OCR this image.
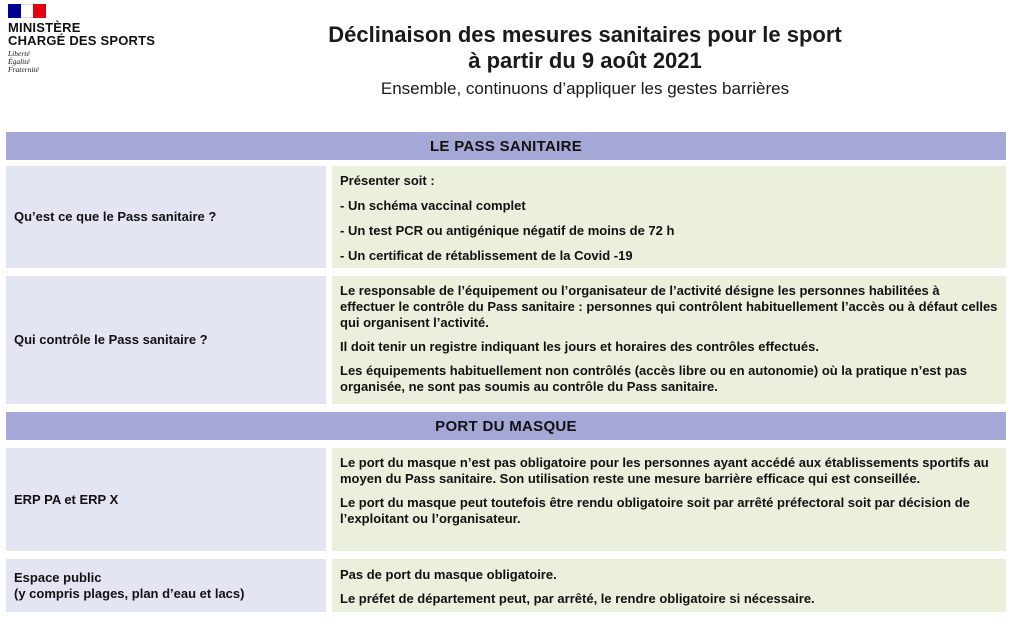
MINISTÈRE
CHARGÉ DES SPORTS
Liberté
Égalité
Fraternité
Déclinaison des mesures sanitaires pour le sport
à partir du 9 août 2021
Ensemble, continuons d’appliquer les gestes barrières
LE PASS SANITAIRE
Qu’est ce que le Pass sanitaire ?

Présenter soit :

- Un schéma vaccinal complet

- Un test PCR ou antigénique négatif de moins de 72 h

- Un certificat de rétablissement de la Covid -19

Qui contrôle le Pass sanitaire ?

Le responsable de l’équipement ou l’organisateur de l’activité désigne les personnes habilitées à effectuer le contrôle du Pass sanitaire : personnes qui contrôlent habituellement l’accès ou à défaut celles qui organisent l’activité.

Il doit tenir un registre indiquant les jours et horaires des contrôles effectués.

Les équipements habituellement non contrôlés (accès libre ou en autonomie) où la pratique n’est pas organisée, ne sont pas soumis au contrôle du Pass sanitaire.

PORT DU MASQUE
ERP PA et ERP X

Le port du masque n’est pas obligatoire pour les personnes ayant accédé aux établissements sportifs au moyen du Pass sanitaire. Son utilisation reste une mesure barrière efficace qui est conseillée.

Le port du masque peut toutefois être rendu obligatoire soit par arrêté préfectoral soit par décision de l’exploitant ou l’organisateur.

Espace public
(y compris plages, plan d’eau et lacs)

Pas de port du masque obligatoire.

Le préfet de département peut, par arrêté, le rendre obligatoire si nécessaire.
